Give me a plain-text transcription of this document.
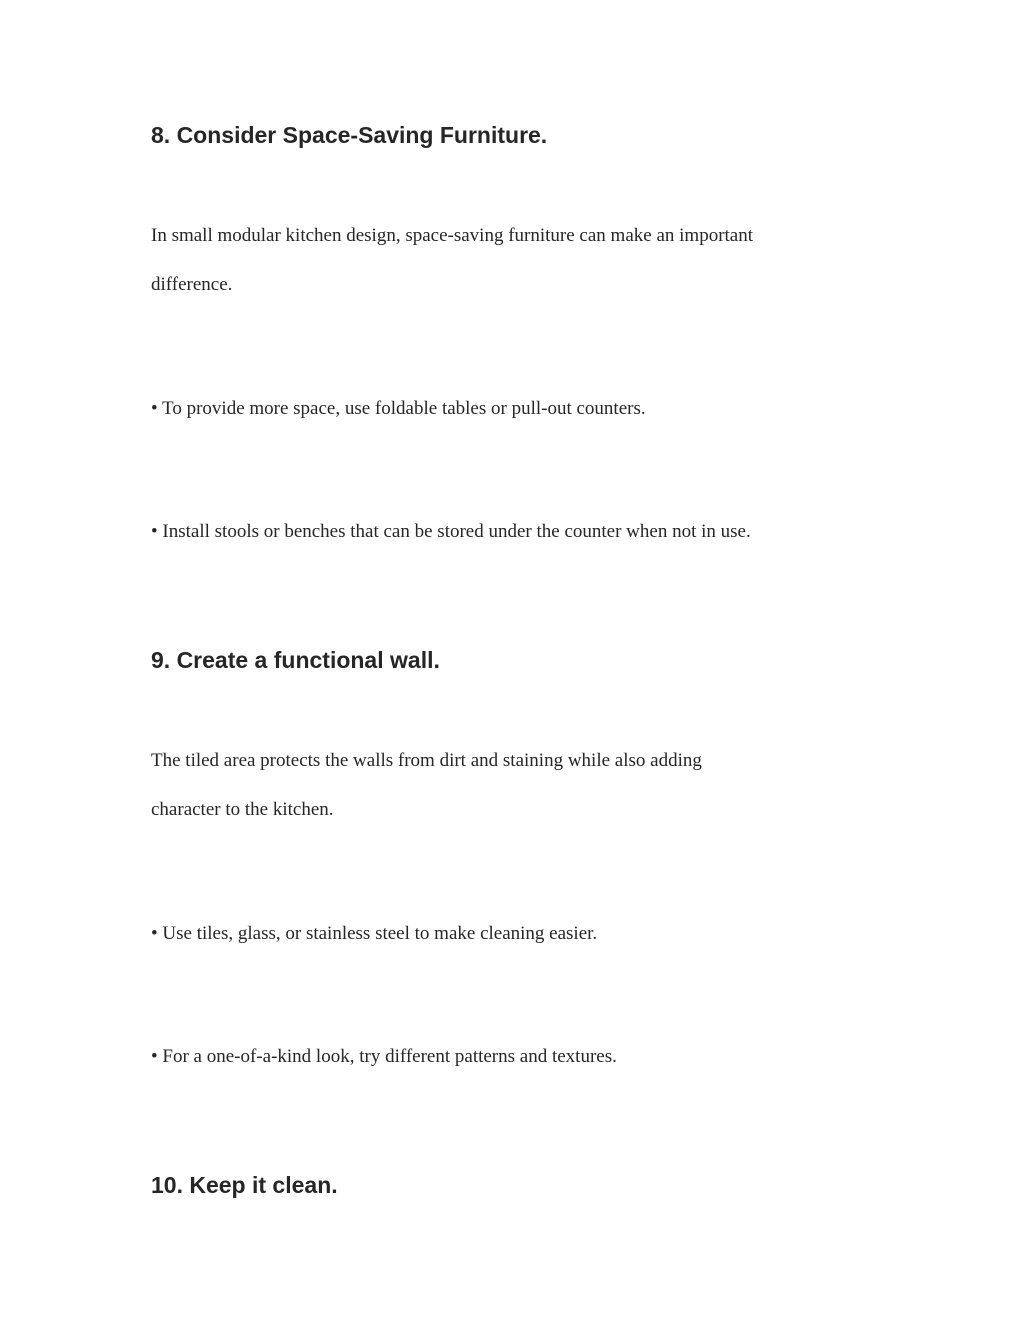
8. Consider Space-Saving Furniture.

In small modular kitchen design, space-saving furniture can make an important
difference.

• To provide more space, use foldable tables or pull-out counters.

• Install stools or benches that can be stored under the counter when not in use.

9. Create a functional wall.

The tiled area protects the walls from dirt and staining while also adding
character to the kitchen.

• Use tiles, glass, or stainless steel to make cleaning easier.

• For a one-of-a-kind look, try different patterns and textures.

10. Keep it clean.
